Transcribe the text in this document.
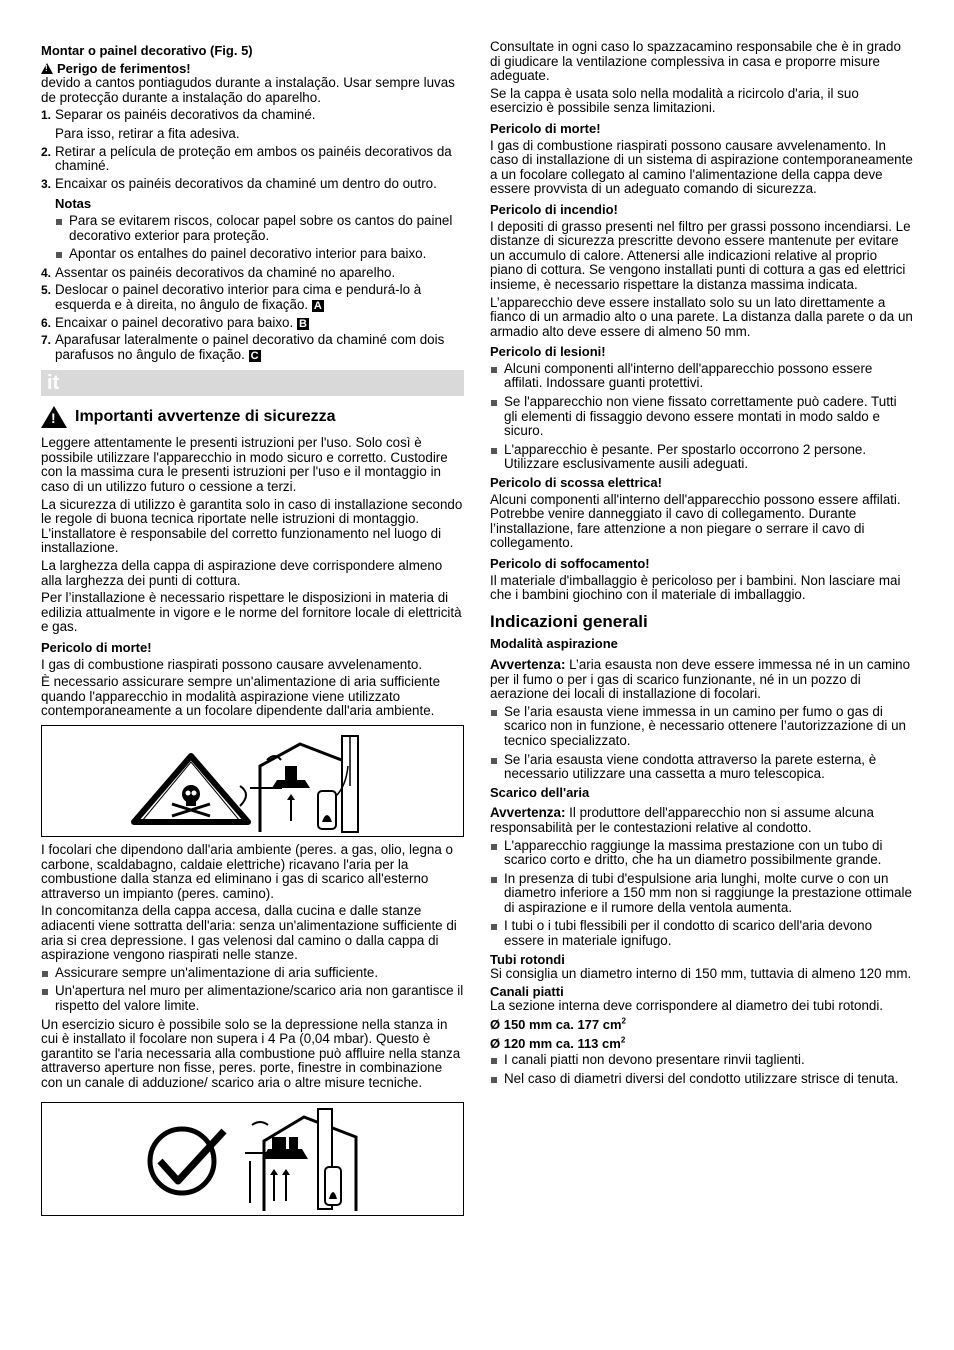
Montar o painel decorativo (Fig. 5)
!Perigo de ferimentos!

devido a cantos pontiagudos durante a instalação. Usar sempre luvas de protecção durante a instalação do aparelho.

1. Separar os painéis decorativos da chaminé.
Para isso, retirar a fita adesiva.
2. Retirar a película de proteção em ambos os painéis decorativos da chaminé.
3. Encaixar os painéis decorativos da chaminé um dentro do outro.
Notas
Para se evitarem riscos, colocar papel sobre os cantos do painel decorativo exterior para proteção.
Apontar os entalhes do painel decorativo interior para baixo.
4. Assentar os painéis decorativos da chaminé no aparelho.
5. Deslocar o painel decorativo interior para cima e pendurá-lo à esquerda e à direita, no ângulo de fixação. A
6. Encaixar o painel decorativo para baixo. B
7. Aparafusar lateralmente o painel decorativo da chaminé com dois parafusos no ângulo de fixação. C
it
!
Importanti avvertenze di sicurezza

Leggere attentamente le presenti istruzioni per l'uso. Solo così è possibile utilizzare l'apparecchio in modo sicuro e corretto. Custodire con la massima cura le presenti istruzioni per l'uso e il montaggio in caso di un utilizzo futuro o cessione a terzi.

La sicurezza di utilizzo è garantita solo in caso di installazione secondo le regole di buona tecnica riportate nelle istruzioni di montaggio. L'installatore è responsabile del corretto funzionamento nel luogo di installazione.

La larghezza della cappa di aspirazione deve corrispondere almeno alla larghezza dei punti di cottura.

Per l’installazione è necessario rispettare le disposizioni in materia di edilizia attualmente in vigore e le norme del fornitore locale di elettricità e gas.

Pericolo di morte!

I gas di combustione riaspirati possono causare avvelenamento.

È necessario assicurare sempre un'alimentazione di aria sufficiente quando l'apparecchio in modalità aspirazione viene utilizzato contemporaneamente a un focolare dipendente dall'aria ambiente.

I focolari che dipendono dall'aria ambiente (peres. a gas, olio, legna o carbone, scaldabagno, caldaie elettriche) ricavano l'aria per la combustione dalla stanza ed eliminano i gas di scarico all'esterno attraverso un impianto (peres. camino).

In concomitanza della cappa accesa, dalla cucina e dalle stanze adiacenti viene sottratta dell'aria: senza un'alimentazione sufficiente di aria si crea depressione. I gas velenosi dal camino o dalla cappa di aspirazione vengono riaspirati nelle stanze.

Assicurare sempre un'alimentazione di aria sufficiente.
Un'apertura nel muro per alimentazione/scarico aria non garantisce il rispetto del valore limite.

Un esercizio sicuro è possibile solo se la depressione nella stanza in cui è installato il focolare non supera i 4 Pa (0,04 mbar). Questo è garantito se l'aria necessaria alla combustione può affluire nella stanza attraverso aperture non fisse, peres. porte, finestre in combinazione con un canale di adduzione/ scarico aria o altre misure tecniche.

Consultate in ogni caso lo spazzacamino responsabile che è in grado di giudicare la ventilazione complessiva in casa e proporre misure adeguate.

Se la cappa è usata solo nella modalità a ricircolo d'aria, il suo esercizio è possibile senza limitazioni.

Pericolo di morte!

I gas di combustione riaspirati possono causare avvelenamento. In caso di installazione di un sistema di aspirazione contemporaneamente a un focolare collegato al camino l'alimentazione della cappa deve essere provvista di un adeguato comando di sicurezza.

Pericolo di incendio!

I depositi di grasso presenti nel filtro per grassi possono incendiarsi. Le distanze di sicurezza prescritte devono essere mantenute per evitare un accumulo di calore. Attenersi alle indicazioni relative al proprio piano di cottura. Se vengono installati punti di cottura a gas ed elettrici insieme, è necessario rispettare la distanza massima indicata.

L’apparecchio deve essere installato solo su un lato direttamente a fianco di un armadio alto o una parete. La distanza dalla parete o da un armadio alto deve essere di almeno 50 mm.

Pericolo di lesioni!
Alcuni componenti all'interno dell'apparecchio possono essere affilati. Indossare guanti protettivi.
Se l'apparecchio non viene fissato correttamente può cadere. Tutti gli elementi di fissaggio devono essere montati in modo saldo e sicuro.
L'apparecchio è pesante. Per spostarlo occorrono 2 persone. Utilizzare esclusivamente ausili adeguati.
Pericolo di scossa elettrica!

Alcuni componenti all'interno dell'apparecchio possono essere affilati. Potrebbe venire danneggiato il cavo di collegamento. Durante l’installazione, fare attenzione a non piegare o serrare il cavo di collegamento.

Pericolo di soffocamento!

Il materiale d'imballaggio è pericoloso per i bambini. Non lasciare mai che i bambini giochino con il materiale di imballaggio.

Indicazioni generali
Modalità aspirazione

Avvertenza: L’aria esausta non deve essere immessa né in un camino per il fumo o per i gas di scarico funzionante, né in un pozzo di aerazione dei locali di installazione di focolari.

Se l’aria esausta viene immessa in un camino per fumo o gas di scarico non in funzione, è necessario ottenere l’autorizzazione di un tecnico specializzato.
Se l’aria esausta viene condotta attraverso la parete esterna, è necessario utilizzare una cassetta a muro telescopica.
Scarico dell'aria

Avvertenza: Il produttore dell'apparecchio non si assume alcuna responsabilità per le contestazioni relative al condotto.

L'apparecchio raggiunge la massima prestazione con un tubo di scarico corto e dritto, che ha un diametro possibilmente grande.
In presenza di tubi d'espulsione aria lunghi, molte curve o con un diametro inferiore a 150 mm non si raggiunge la prestazione ottimale di aspirazione e il rumore della ventola aumenta.
I tubi o i tubi flessibili per il condotto di scarico dell'aria devono essere in materiale ignifugo.
Tubi rotondi

Si consiglia un diametro interno di 150 mm, tuttavia di almeno 120 mm.

Canali piatti

La sezione interna deve corrispondere al diametro dei tubi rotondi.

Ø 150 mm ca. 177 $cm^2$
Ø 120 mm ca. 113 $cm^2$
I canali piatti non devono presentare rinvii taglienti.
Nel caso di diametri diversi del condotto utilizzare strisce di tenuta.
